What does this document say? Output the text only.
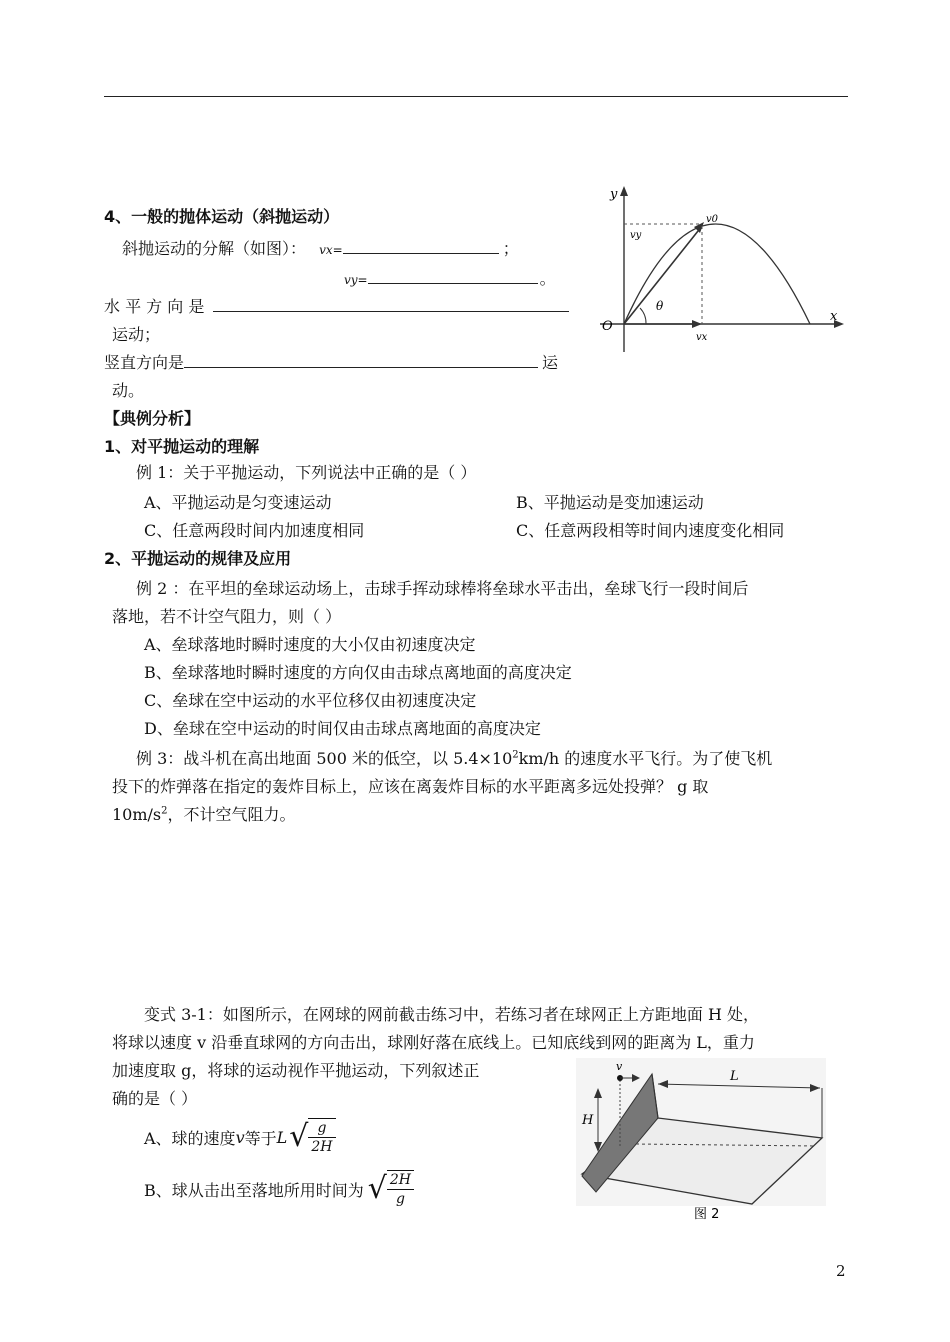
4、一般的抛体运动（斜抛运动）
斜抛运动的分解（如图）： vx=	；
vy=	。
水 平 方 向 是
运动；
竖直方向是	运
动。
y
x
O
v0
vy
vx
θ
【典例分析】
1、对平抛运动的理解
例 1：关于平抛运动，下列说法中正确的是（ ）
A、平抛运动是匀变速运动	B、平抛运动是变加速运动
C、任意两段时间内加速度相同	C、任意两段相等时间内速度变化相同
2、平抛运动的规律及应用
例 2 ：在平坦的垒球运动场上，击球手挥动球棒将垒球水平击出，垒球飞行一段时间后
落地，若不计空气阻力，则（ ）
A、垒球落地时瞬时速度的大小仅由初速度决定
B、垒球落地时瞬时速度的方向仅由击球点离地面的高度决定
C、垒球在空中运动的水平位移仅由初速度决定
D、垒球在空中运动的时间仅由击球点离地面的高度决定
例 3：战斗机在高出地面 500 米的低空，以 $5.4\times 10^2km/h$ 的速度水平飞行。为了使飞机
投下的炸弹落在指定的轰炸目标上，应该在离轰炸目标的水平距离多远处投弹？ g 取
$10m/s^2$，不计空气阻力。
变式 3-1：如图所示，在网球的网前截击练习中，若练习者在球网正上方距地面 H 处，
将球以速度 v 沿垂直球网的方向击出，球刚好落在底线上。已知底线到网的距离为 L，重力
加速度取 g，将球的运动视作平抛运动，下列叙述正
确的是（ ）
A、球的速度 v 等于 L √ $\frac{g}{2H}$
B、球从击出至落地所用时间为 √ $\frac{2H}{g}$
v
H
L
图 2
2
